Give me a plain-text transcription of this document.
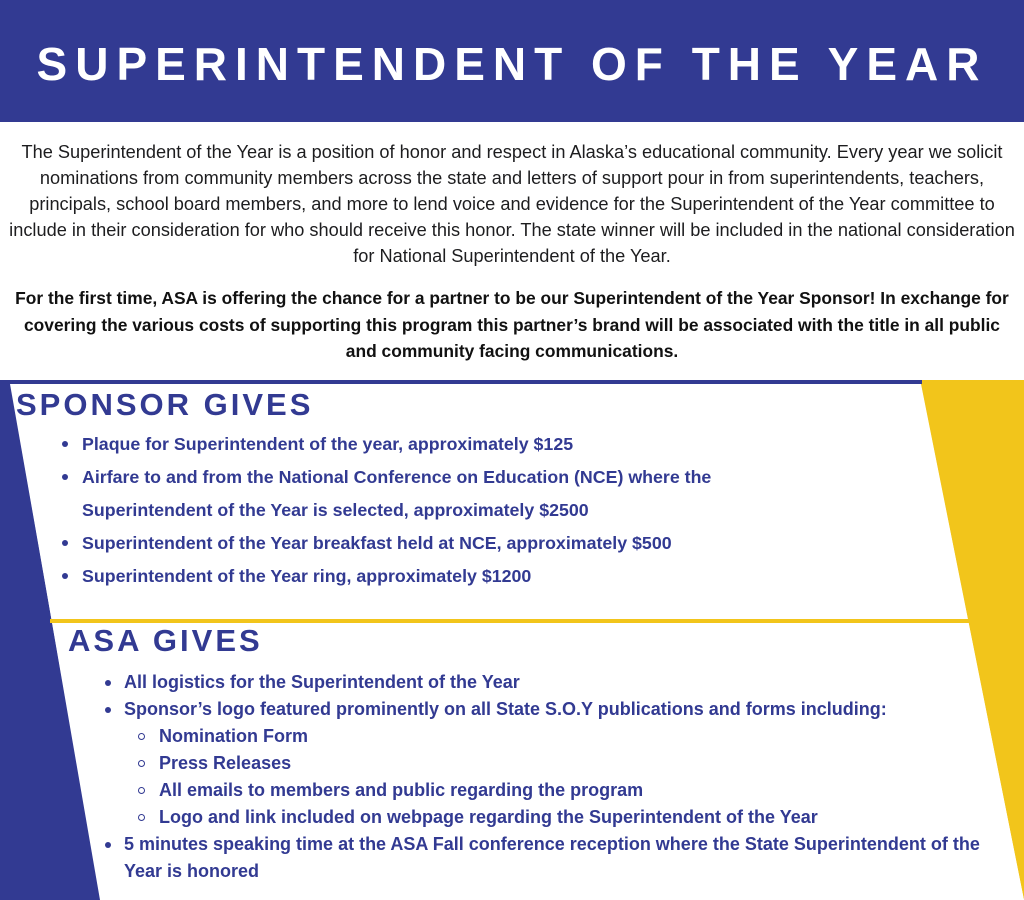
SUPERINTENDENT OF THE YEAR

The Superintendent of the Year is a position of honor and respect in Alaska’s educational community. Every year we solicit nominations from community members across the state and letters of support pour in from superintendents, teachers, principals, school board members, and more to lend voice and evidence for the Superintendent of the Year committee to include in their consideration for who should receive this honor. The state winner will be included in the national consideration for National Superintendent of the Year.

For the first time, ASA is offering the chance for a partner to be our Superintendent of the Year Sponsor! In exchange for covering the various costs of supporting this program this partner’s brand will be associated with the title in all public and community facing communications.

SPONSOR GIVES
Plaque for Superintendent of the year, approximately $125
Airfare to and from the National Conference on Education (NCE) where the Superintendent of the Year is selected, approximately $2500
Superintendent of the Year breakfast held at NCE, approximately $500
Superintendent of the Year ring, approximately $1200
ASA GIVES
All logistics for the Superintendent of the Year
Sponsor’s logo featured prominently on all State S.O.Y publications and forms including:
Nomination Form
Press Releases
All emails to members and public regarding the program
Logo and link included on webpage regarding the Superintendent of the Year
5 minutes speaking time at the ASA Fall conference reception where the State Superintendent of the Year is honored
